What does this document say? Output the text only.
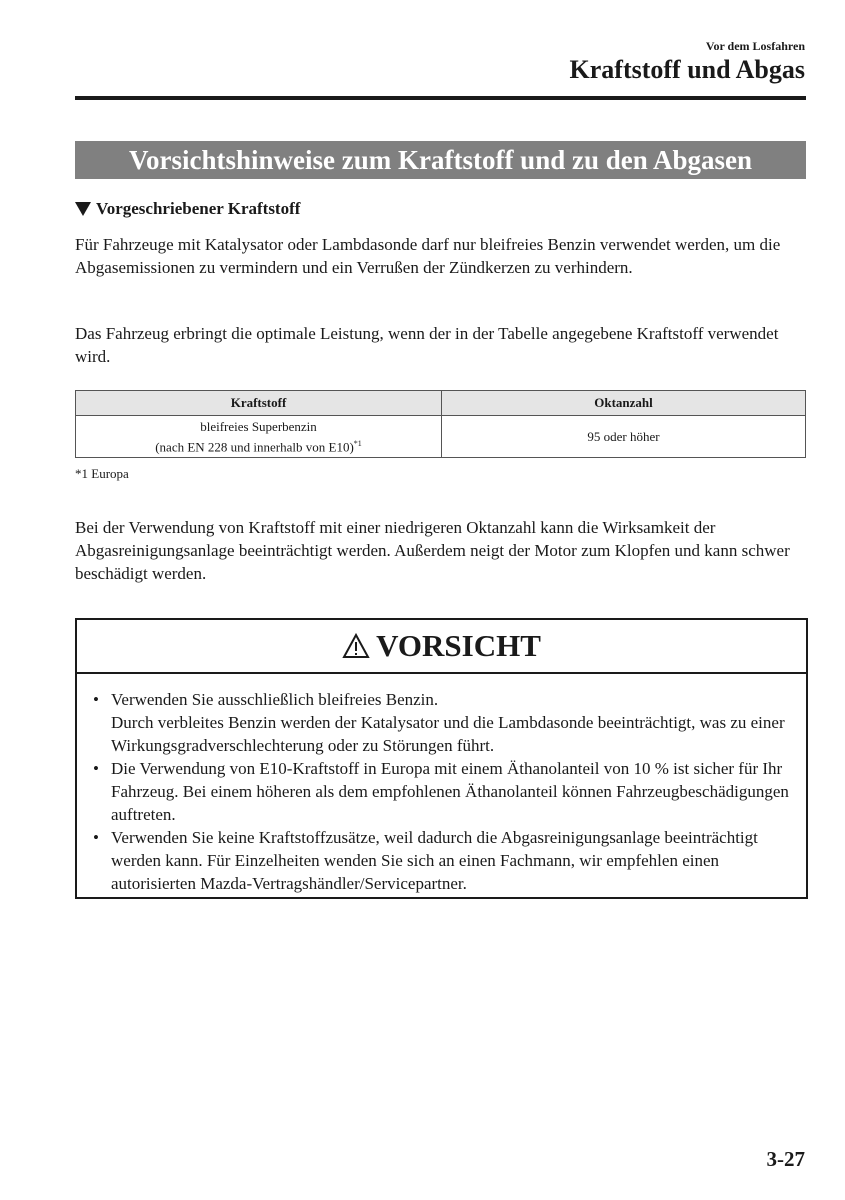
Vor dem Losfahren
Kraftstoff und Abgas
Vorsichtshinweise zum Kraftstoff und zu den Abgasen
Vorgeschriebener Kraftstoff
Für Fahrzeuge mit Katalysator oder Lambdasonde darf nur bleifreies Benzin verwendet werden, um die Abgasemissionen zu vermindern und ein Verrußen der Zündkerzen zu verhindern.
Das Fahrzeug erbringt die optimale Leistung, wenn der in der Tabelle angegebene Kraftstoff verwendet wird.
Kraftstoff	Oktanzahl
bleifreies Superbenzin
(nach EN 228 und innerhalb von E10)$^{*1}$	95 oder höher
*1 Europa
Bei der Verwendung von Kraftstoff mit einer niedrigeren Oktanzahl kann die Wirksamkeit der Abgasreinigungsanlage beeinträchtigt werden. Außerdem neigt der Motor zum Klopfen und kann schwer beschädigt werden.
VORSICHT
• Verwenden Sie ausschließlich bleifreies Benzin.
Durch verbleites Benzin werden der Katalysator und die Lambdasonde beeinträchtigt, was zu einer Wirkungsgradverschlechterung oder zu Störungen führt.
• Die Verwendung von E10-Kraftstoff in Europa mit einem Äthanolanteil von 10 % ist sicher für Ihr Fahrzeug. Bei einem höheren als dem empfohlenen Äthanolanteil können Fahrzeugbeschädigungen auftreten.
• Verwenden Sie keine Kraftstoffzusätze, weil dadurch die Abgasreinigungsanlage beeinträchtigt werden kann. Für Einzelheiten wenden Sie sich an einen Fachmann, wir empfehlen einen autorisierten Mazda-Vertragshändler/Servicepartner.
3-27
